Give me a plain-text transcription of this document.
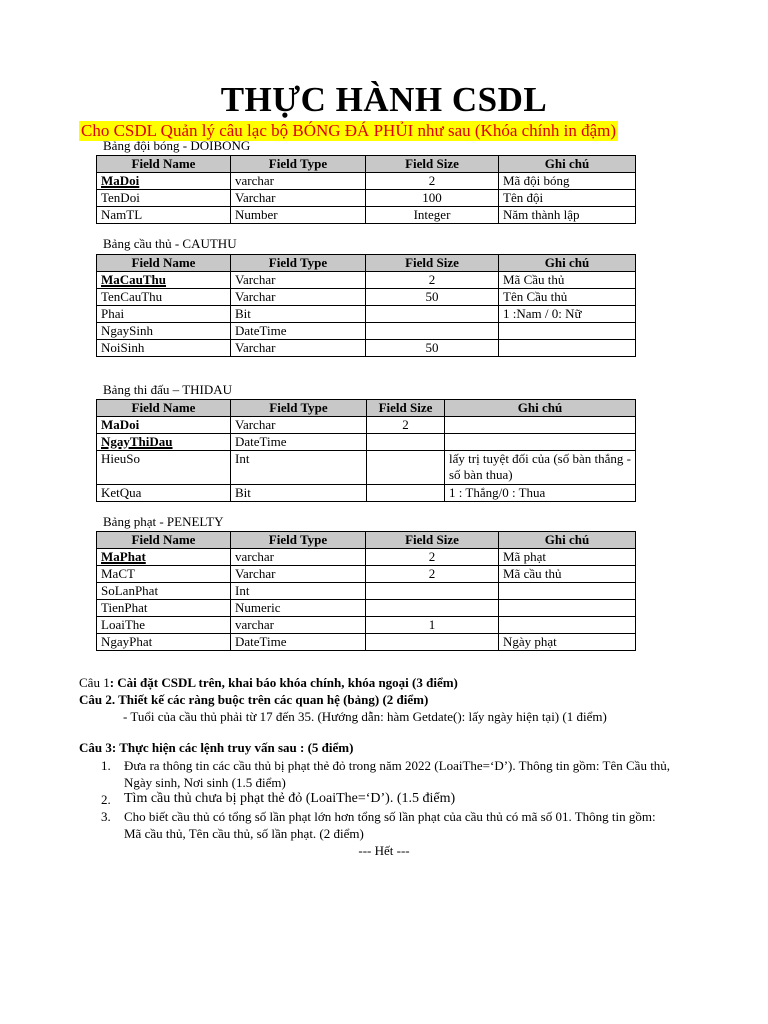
THỰC HÀNH CSDL
Cho CSDL Quản lý câu lạc bộ BÓNG ĐÁ PHỦI như sau (Khóa chính in đậm)
Bảng đội bóng - DOIBONG
Field Name	Field Type	Field Size	Ghi chú
MaDoi	varchar	2	Mã đội bóng
TenDoi	Varchar	100	Tên đội
NamTL	Number	Integer	Năm thành lập
Bảng cầu thủ - CAUTHU
Field Name	Field Type	Field Size	Ghi chú
MaCauThu	Varchar	2	Mã Cầu thủ
TenCauThu	Varchar	50	Tên Cầu thủ
Phai	Bit		1 :Nam / 0: Nữ
NgaySinh	DateTime		
NoiSinh	Varchar	50	
Bảng thi đấu – THIDAU
Field Name	Field Type	Field Size	Ghi chú
MaDoi	Varchar	2	
NgayThiDau	DateTime		
HieuSo	Int		lấy trị tuyệt đối của (số bàn thắng - số bàn thua)
KetQua	Bit		1 : Thắng/0 : Thua
Bảng phạt - PENELTY
Field Name	Field Type	Field Size	Ghi chú
MaPhat	varchar	2	Mã phạt
MaCT	Varchar	2	Mã cầu thủ
SoLanPhat	Int		
TienPhat	Numeric		
LoaiThe	varchar	1	
NgayPhat	DateTime		Ngày phạt
Câu 1: Cài đặt CSDL trên, khai báo khóa chính, khóa ngoại (3 điểm)
Câu 2. Thiết kế các ràng buộc trên các quan hệ (bảng) (2 điểm)
- Tuổi của cầu thủ phải từ 17 đến 35. (Hướng dẫn: hàm Getdate(): lấy ngày hiện tại) (1 điểm)
Câu 3: Thực hiện các lệnh truy vấn sau : (5 điểm)
1. Đưa ra thông tin các cầu thủ bị phạt thẻ đỏ trong năm 2022 (LoaiThe=‘D’). Thông tin gồm: Tên Cầu thủ, Ngày sinh, Nơi sinh (1.5 điểm)
2. Tìm cầu thủ chưa bị phạt thẻ đỏ (LoaiThe=‘D’). (1.5 điểm)
3. Cho biết cầu thủ có tổng số lần phạt lớn hơn tổng số lần phạt của cầu thủ có mã số 01. Thông tin gồm: Mã cầu thủ, Tên cầu thủ, số lần phạt. (2 điểm)
--- Hết ---
